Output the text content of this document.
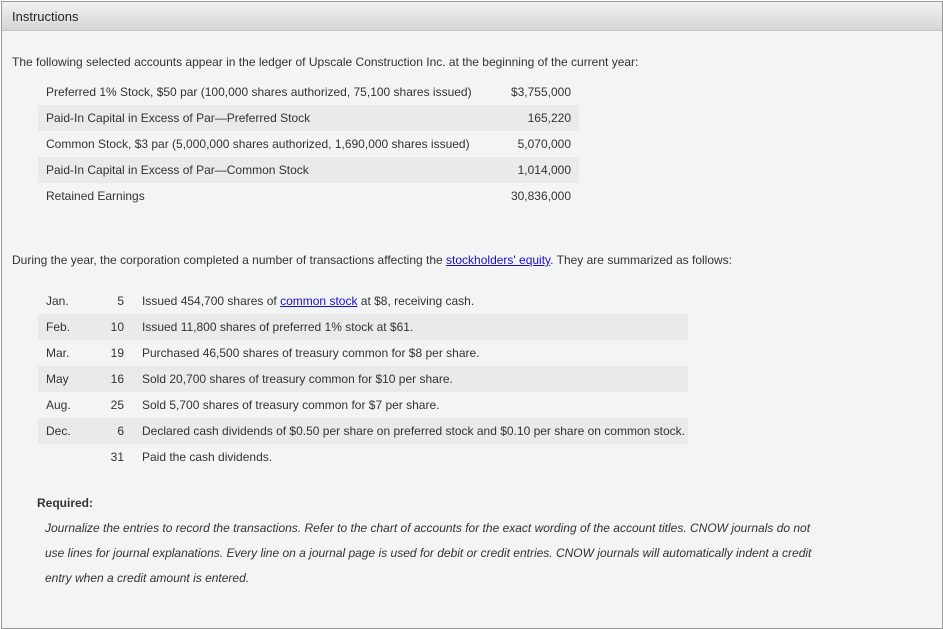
Instructions
The following selected accounts appear in the ledger of Upscale Construction Inc. at the beginning of the current year:
Preferred 1% Stock, $50 par (100,000 shares authorized, 75,100 shares issued)	$3,755,000
Paid-In Capital in Excess of Par—Preferred Stock	165,220
Common Stock, $3 par (5,000,000 shares authorized, 1,690,000 shares issued)	5,070,000
Paid-In Capital in Excess of Par—Common Stock	1,014,000
Retained Earnings	30,836,000
During the year, the corporation completed a number of transactions affecting the stockholders' equity. They are summarized as follows:
Jan.	5	Issued 454,700 shares of common stock at $8, receiving cash.
Feb.	10	Issued 11,800 shares of preferred 1% stock at $61.
Mar.	19	Purchased 46,500 shares of treasury common for $8 per share.
May	16	Sold 20,700 shares of treasury common for $10 per share.
Aug.	25	Sold 5,700 shares of treasury common for $7 per share.
Dec.	6	Declared cash dividends of $0.50 per share on preferred stock and $0.10 per share on common stock.
	31	Paid the cash dividends.
Required:
Journalize the entries to record the transactions. Refer to the chart of accounts for the exact wording of the account titles. CNOW journals do not
use lines for journal explanations. Every line on a journal page is used for debit or credit entries. CNOW journals will automatically indent a credit
entry when a credit amount is entered.
